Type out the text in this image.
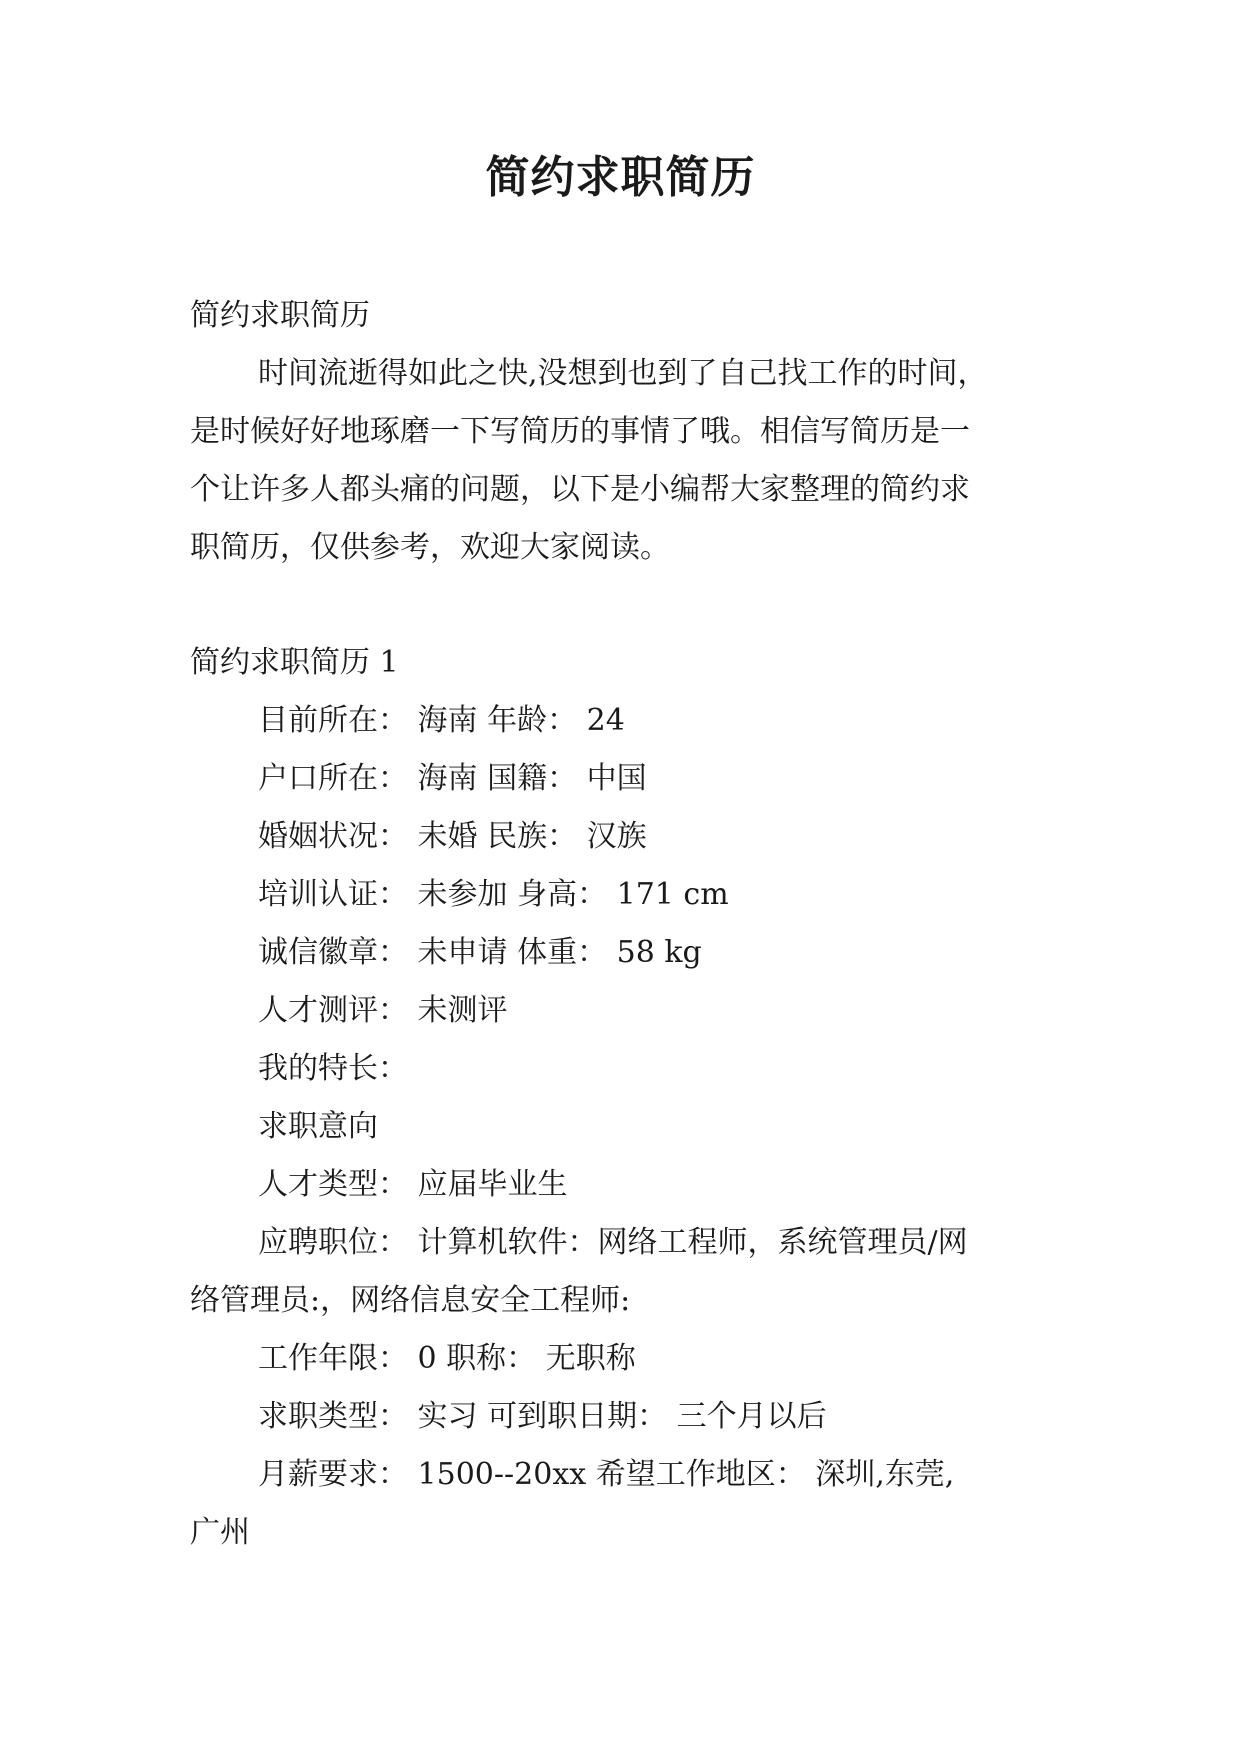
简约求职简历
简约求职简历
时间流逝得如此之快,没想到也到了自己找工作的时间，
是时候好好地琢磨一下写简历的事情了哦。相信写简历是一
个让许多人都头痛的问题，以下是小编帮大家整理的简约求
职简历，仅供参考，欢迎大家阅读。
简约求职简历 1
目前所在： 海南 年龄： 24
户口所在： 海南 国籍： 中国
婚姻状况： 未婚 民族： 汉族
培训认证： 未参加 身高： 171 cm
诚信徽章： 未申请 体重： 58 kg
人才测评： 未测评
我的特长：
求职意向
人才类型： 应届毕业生
应聘职位： 计算机软件：网络工程师，系统管理员/网
络管理员:，网络信息安全工程师:
工作年限： 0 职称： 无职称
求职类型： 实习 可到职日期： 三个月以后
月薪要求： 1500--20xx 希望工作地区： 深圳,东莞,
广州
